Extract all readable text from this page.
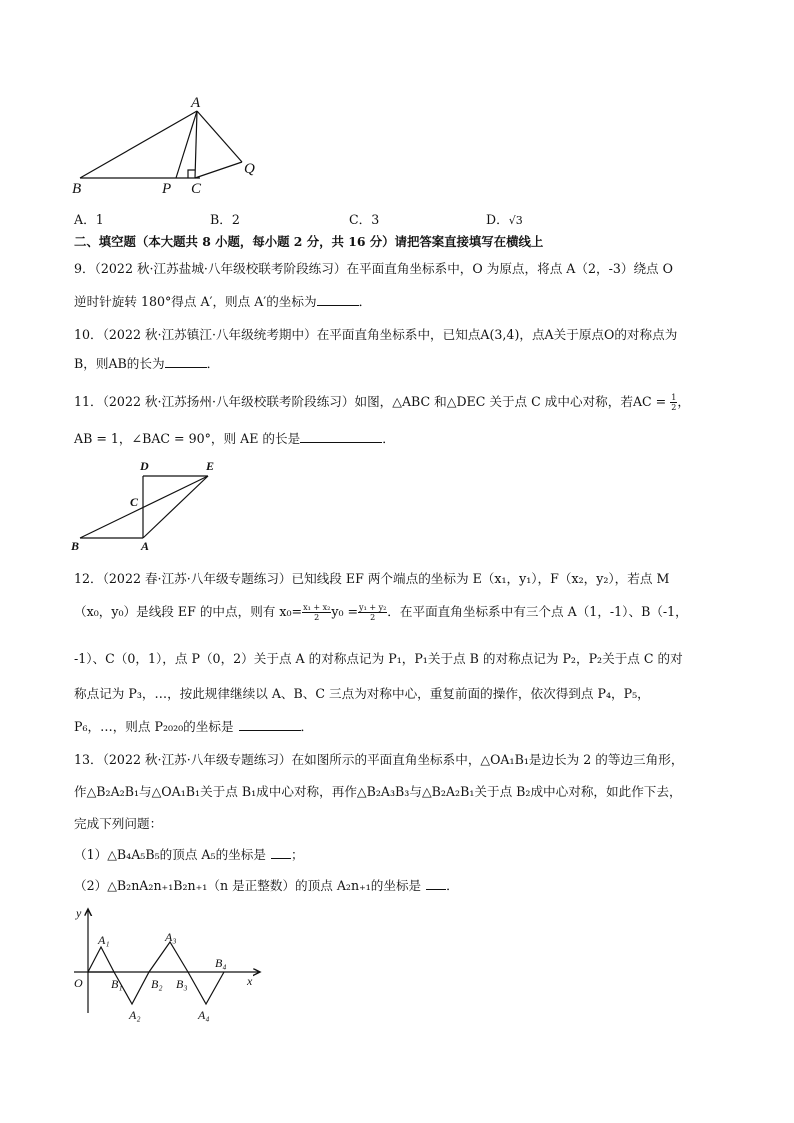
A
B	P C
Q
A．1	B．2	C．3	D．√3
二、填空题（本大题共 8 小题，每小题 2 分，共 16 分）请把答案直接填写在横线上
9．（2022 秋·江苏盐城·八年级校联考阶段练习）在平面直角坐标系中，O 为原点，将点 A（2，-3）绕点 O
逆时针旋转 180°得点 A′，则点 A′的坐标为	．
10．（2022 秋·江苏镇江·八年级统考期中）在平面直角坐标系中，已知点A(3,4)，点A关于原点O的对称点为
B，则AB的长为	．
11．（2022 秋·江苏扬州·八年级校联考阶段练习）如图，△ABC 和△DEC 关于点 C 成中心对称，若AC = $\frac{1}{2}$ ，
AB = 1，∠BAC = 90°，则 AE 的长是	．
D	E
C
B	A
12．（2022 春·江苏·八年级专题练习）已知线段 EF 两个端点的坐标为 E（x₁，y₁），F（x₂，y₂），若点 M
（x₀，y₀）是线段 EF 的中点，则有 $x_0= \frac{\text{x₁ + x₂}}{2} y_0 = \frac{\text{y₁ + y₂}}{2}$ ．在平面直角坐标系中有三个点 A（1，-1）、B（-1，
-1）、C（0，1），点 P（0，2）关于点 A 的对称点记为 P₁，P₁关于点 B 的对称点记为 P₂，P₂关于点 C 的对
称点记为 P₃，…，按此规律继续以 A、B、C 三点为对称中心，重复前面的操作，依次得到点 P₄，P₅，
P₆，…，则点 P₂₀₂₀的坐标是	．
13．（2022 秋·江苏·八年级专题练习）在如图所示的平面直角坐标系中，△OA₁B₁是边长为 2 的等边三角形，
作△B₂A₂B₁与△OA₁B₁关于点 B₁成中心对称，再作△B₂A₃B₃与△B₂A₂B₁关于点 B₂成中心对称，如此作下去，
完成下列问题：
（1）△B₄A₅B₅的顶点 A₅的坐标是 ；
（2）△B₂nA₂n₊₁B₂n₊₁（n 是正整数）的顶点 A₂n₊₁的坐标是 ．
y
x
O
A₁	A₃
B₄
B₁ B₂ B₃
A₂	A₄
